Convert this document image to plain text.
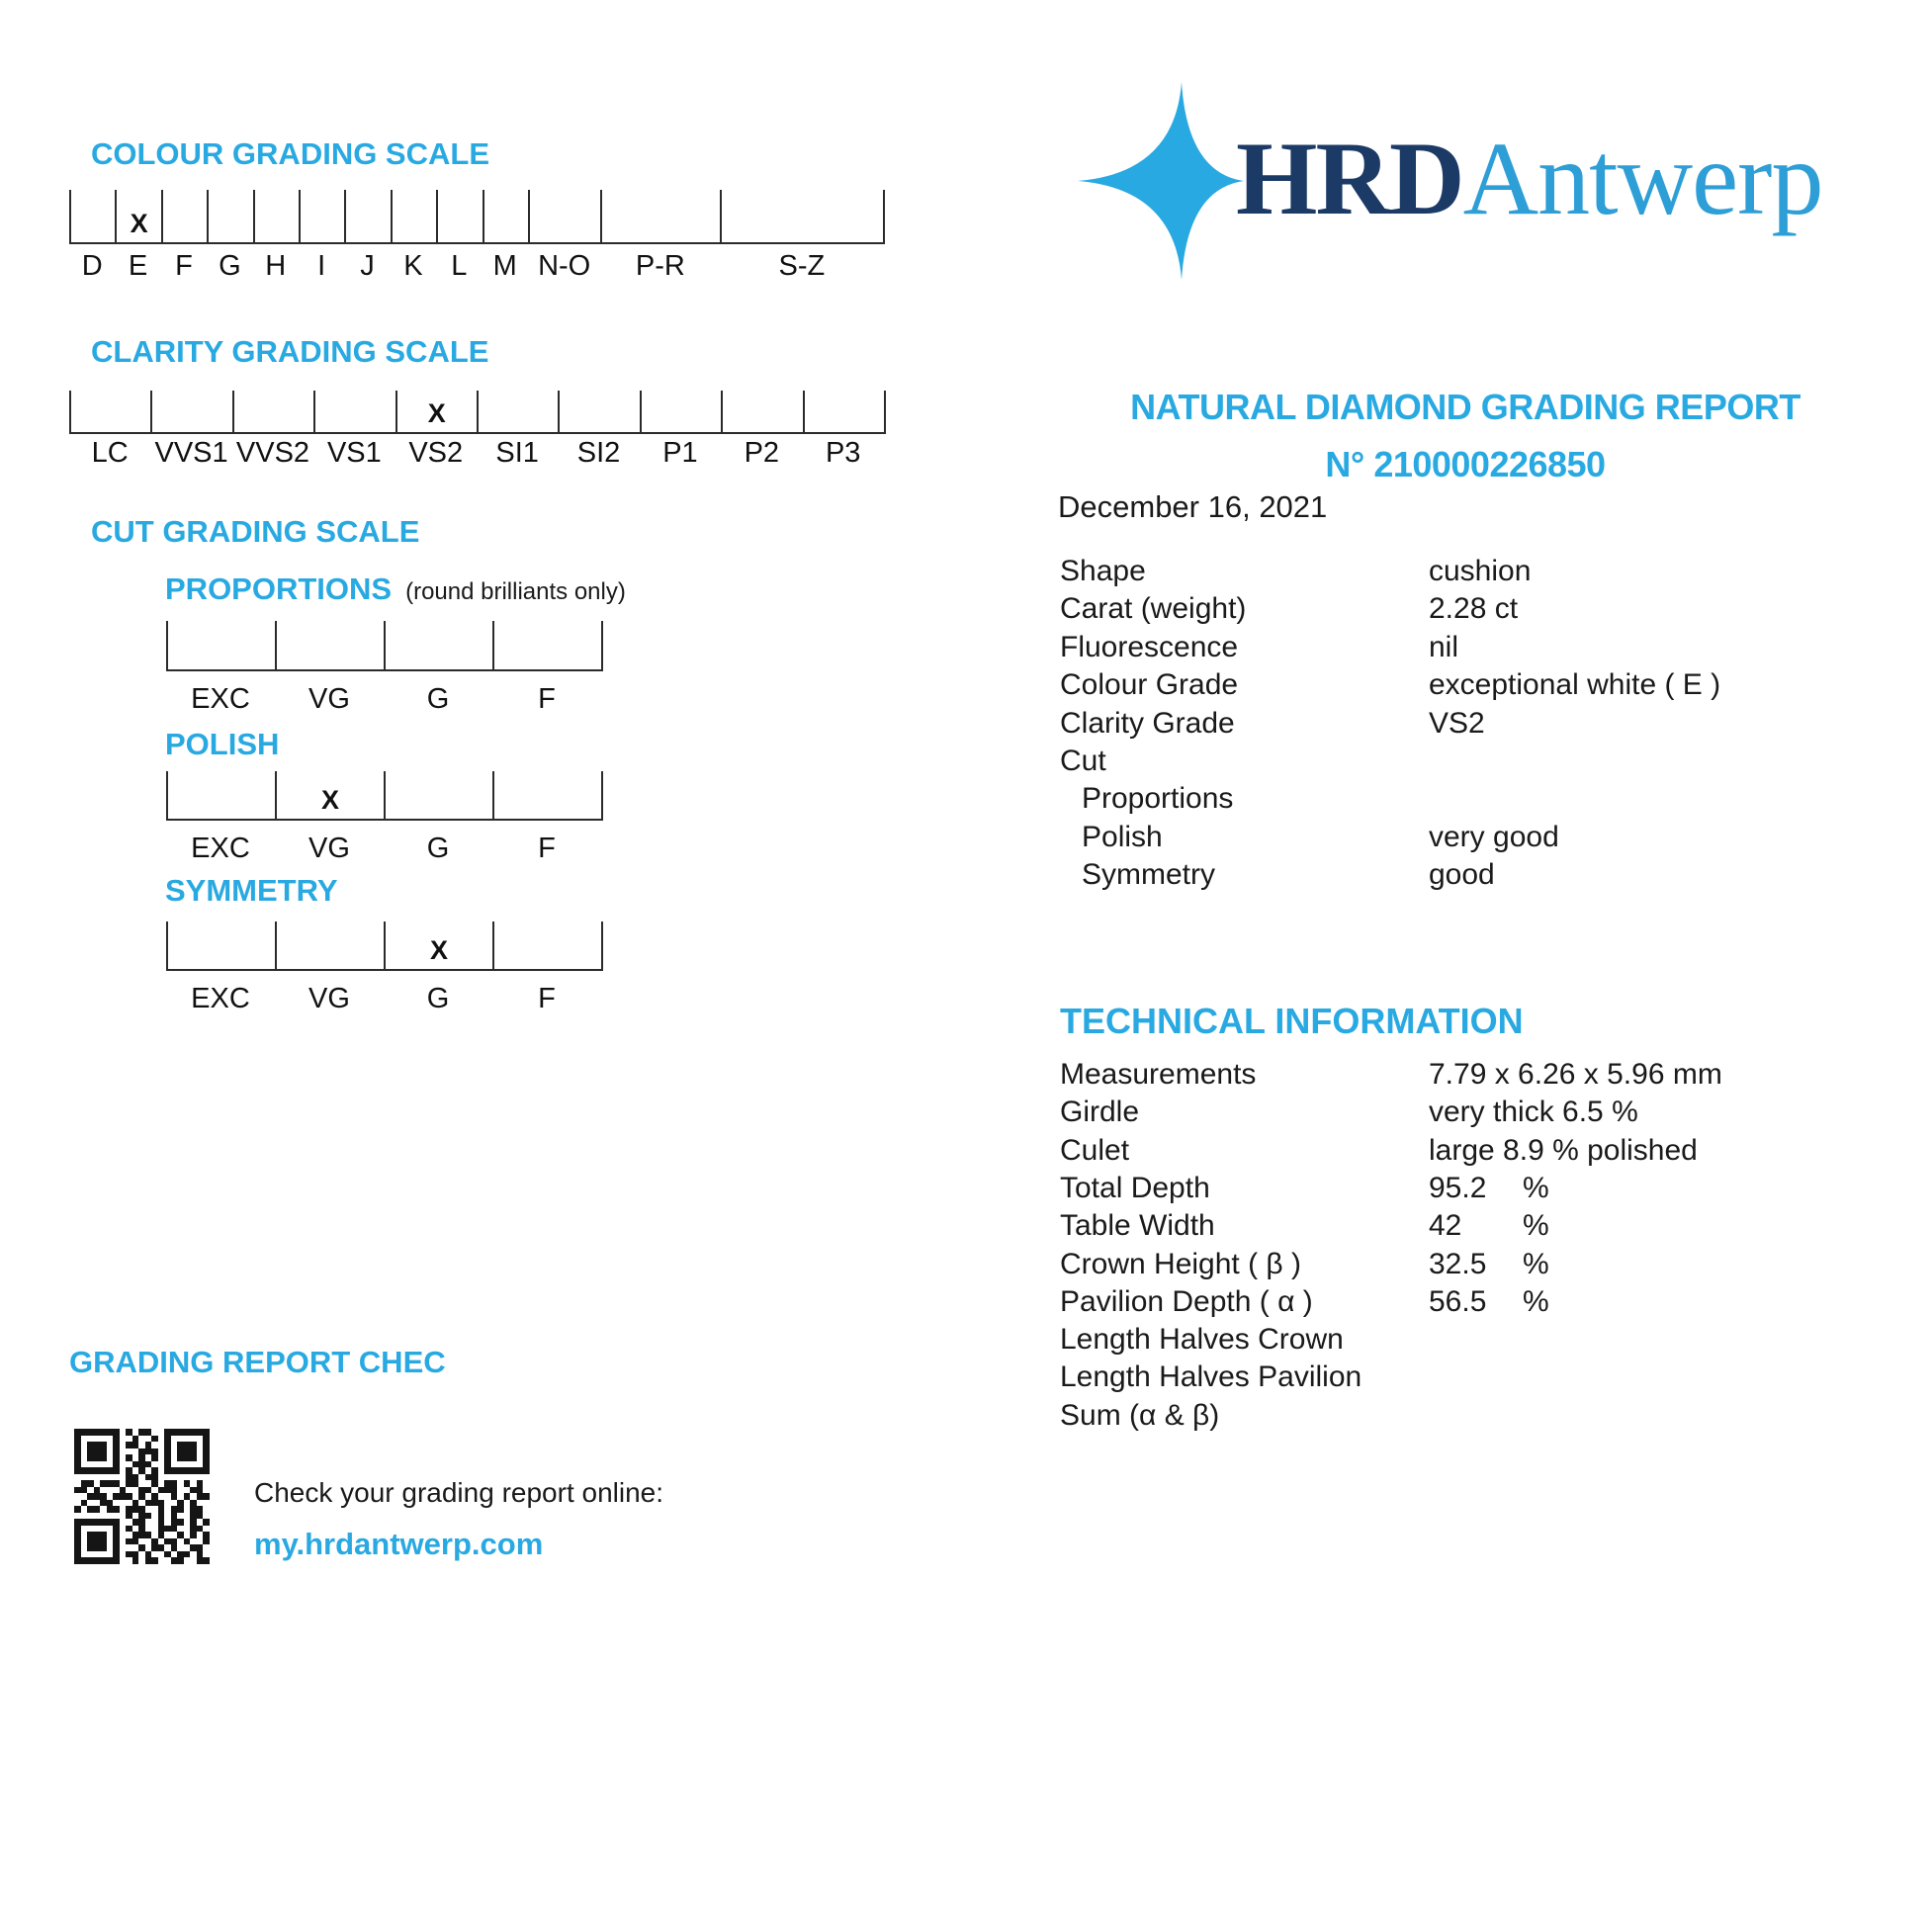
COLOUR GRADING SCALE
X
D E F G H	I	J	K L M N-O	P-R	S-Z
CLARITY GRADING SCALE
X
LC VVS1 VVS2 VS1 VS2	SI1	SI2	P1	P2	P3
CUT GRADING SCALE
PROPORTIONS (round brilliants only)
EXC	VG	G	F
POLISH
X
EXC	VG	G	F
SYMMETRY
X
EXC	VG	G	F
GRADING REPORT CHEC
Check your grading report online:
my.hrdantwerp.com
HRDAntwerp
NATURAL DIAMOND GRADING REPORT
N° 210000226850
December 16, 2021
Shape	cushion
Carat (weight)	2.28 ct
Fluorescence	nil
Colour Grade	exceptional white ( E )
Clarity Grade	VS2
Cut
Proportions
Polish	very good
Symmetry	good
TECHNICAL INFORMATION
Measurements	7.79 x 6.26 x 5.96 mm
Girdle	very thick 6.5 %
Culet	large 8.9 % polished
Total Depth	95.2 %
Table Width	42 %
Crown Height ( β )	32.5 %
Pavilion Depth ( α )	56.5 %
Length Halves Crown
Length Halves Pavilion
Sum (α & β)
